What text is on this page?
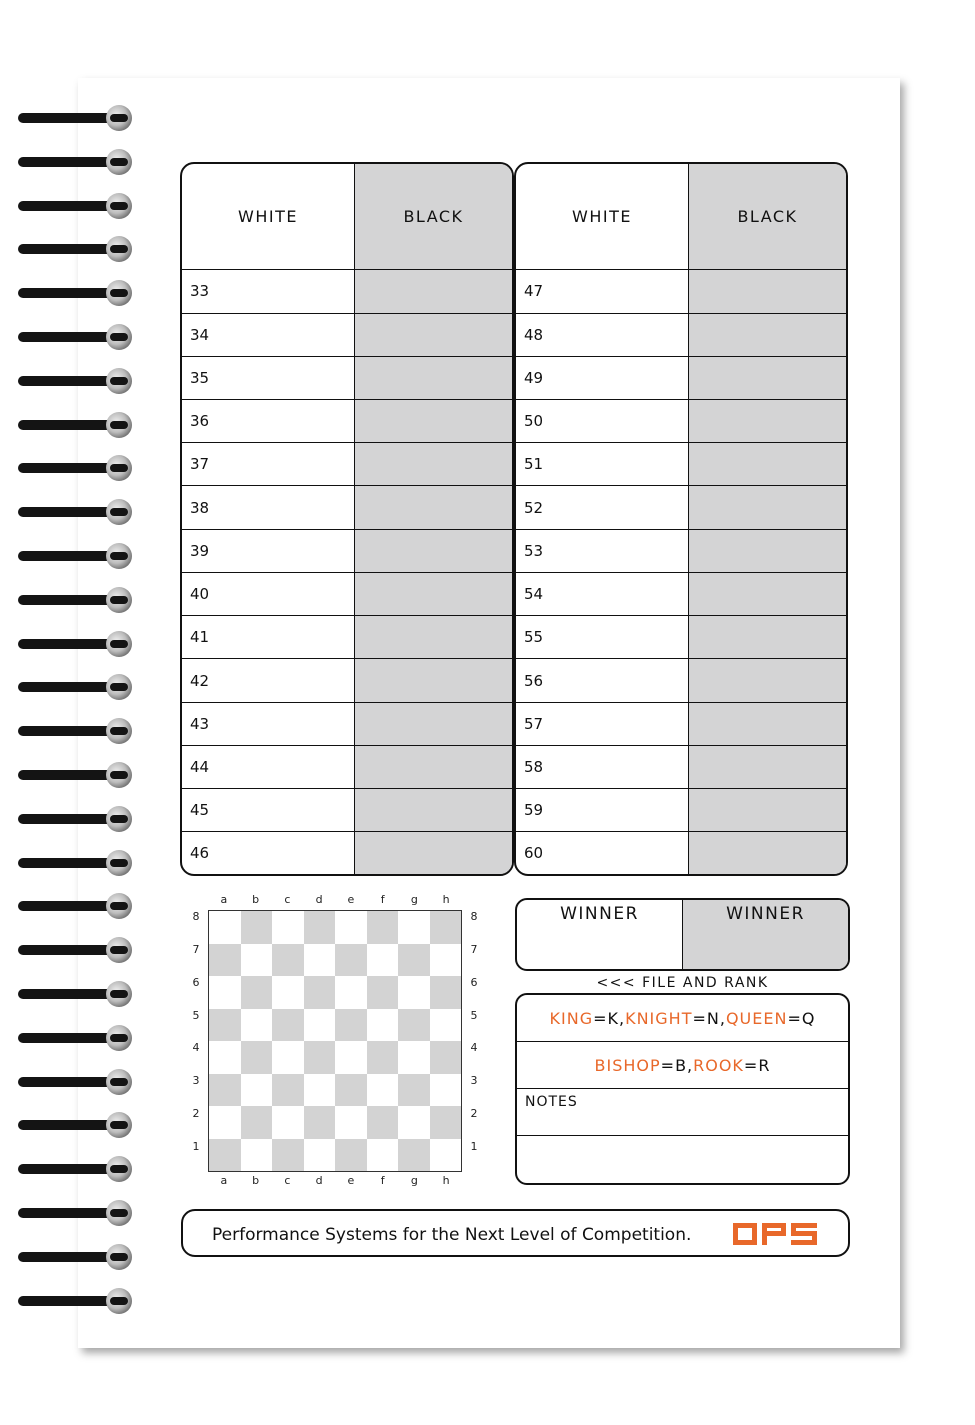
WHITE	BLACK
33	
34	
35	
36	
37	
38	
39	
40	
41	
42	
43	
44	
45	
46	
WHITE	BLACK
47	
48	
49	
50	
51	
52	
53	
54	
55	
56	
57	
58	
59	
60	
a
a
b
b
c
c
d
d
e
e
f
f
g
g
h
h
8	8
7	7
6	6
5	5
4	4
3	3
2	2
1	1
WINNER	WINNER
<<< FILE AND RANK
KING =K, KNIGHT =N, QUEEN =Q
BISHOP =B, ROOK =R
NOTES
Performance Systems for the Next Level of Competition.
